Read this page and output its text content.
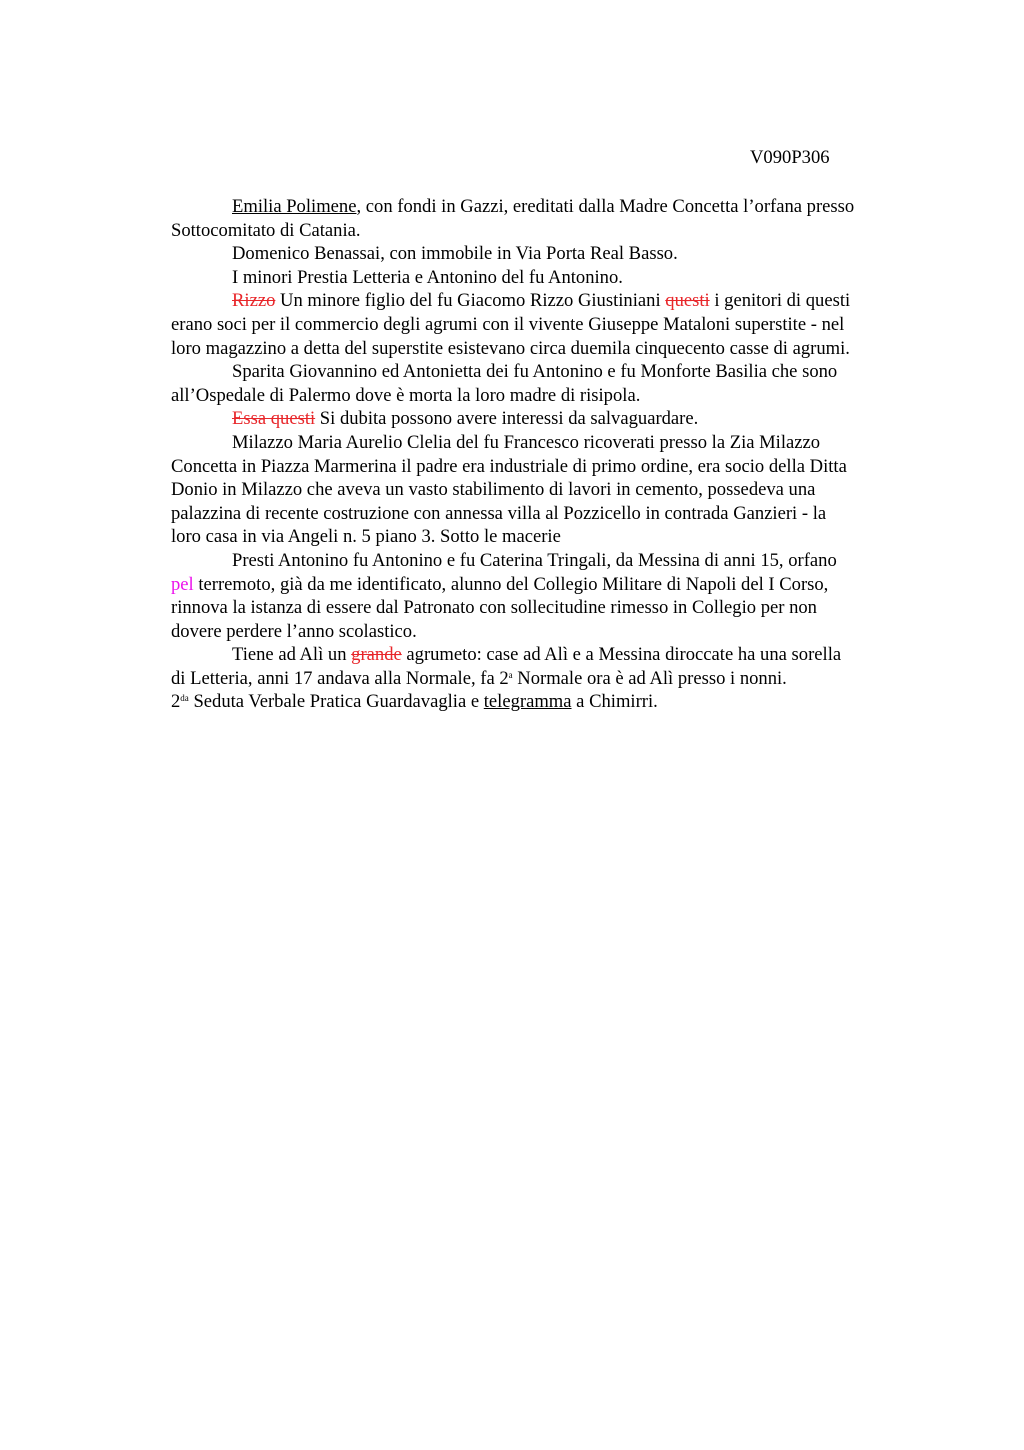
V090P306

Emilia Polimene, con fondi in Gazzi, ereditati dalla Madre Concetta l’orfana presso

Sottocomitato di Catania.

Domenico Benassai, con immobile in Via Porta Real Basso.

I minori Prestia Letteria e Antonino del fu Antonino.

Rizzo Un minore figlio del fu Giacomo Rizzo Giustiniani questi i genitori di questi

erano soci per il commercio degli agrumi con il vivente Giuseppe Mataloni superstite - nel

loro magazzino a detta del superstite esistevano circa duemila cinquecento casse di agrumi.

Sparita Giovannino ed Antonietta dei fu Antonino e fu Monforte Basilia che sono

all’Ospedale di Palermo dove è morta la loro madre di risipola.

Essa questi Si dubita possono avere interessi da salvaguardare.

Milazzo Maria Aurelio Clelia del fu Francesco ricoverati presso la Zia Milazzo

Concetta in Piazza Marmerina il padre era industriale di primo ordine, era socio della Ditta

Donio in Milazzo che aveva un vasto stabilimento di lavori in cemento, possedeva una

palazzina di recente costruzione con annessa villa al Pozzicello in contrada Ganzieri - la

loro casa in via Angeli n. 5 piano 3. Sotto le macerie

Presti Antonino fu Antonino e fu Caterina Tringali, da Messina di anni 15, orfano

pel terremoto, già da me identificato, alunno del Collegio Militare di Napoli del I Corso,

rinnova la istanza di essere dal Patronato con sollecitudine rimesso in Collegio per non

dovere perdere l’anno scolastico.

Tiene ad Alì un grande agrumeto: case ad Alì e a Messina diroccate ha una sorella

di Letteria, anni 17 andava alla Normale, fa 2$^a$ Normale ora è ad Alì presso i nonni.

$2^{da}$ Seduta Verbale Pratica Guardavaglia e telegramma a Chimirri.
